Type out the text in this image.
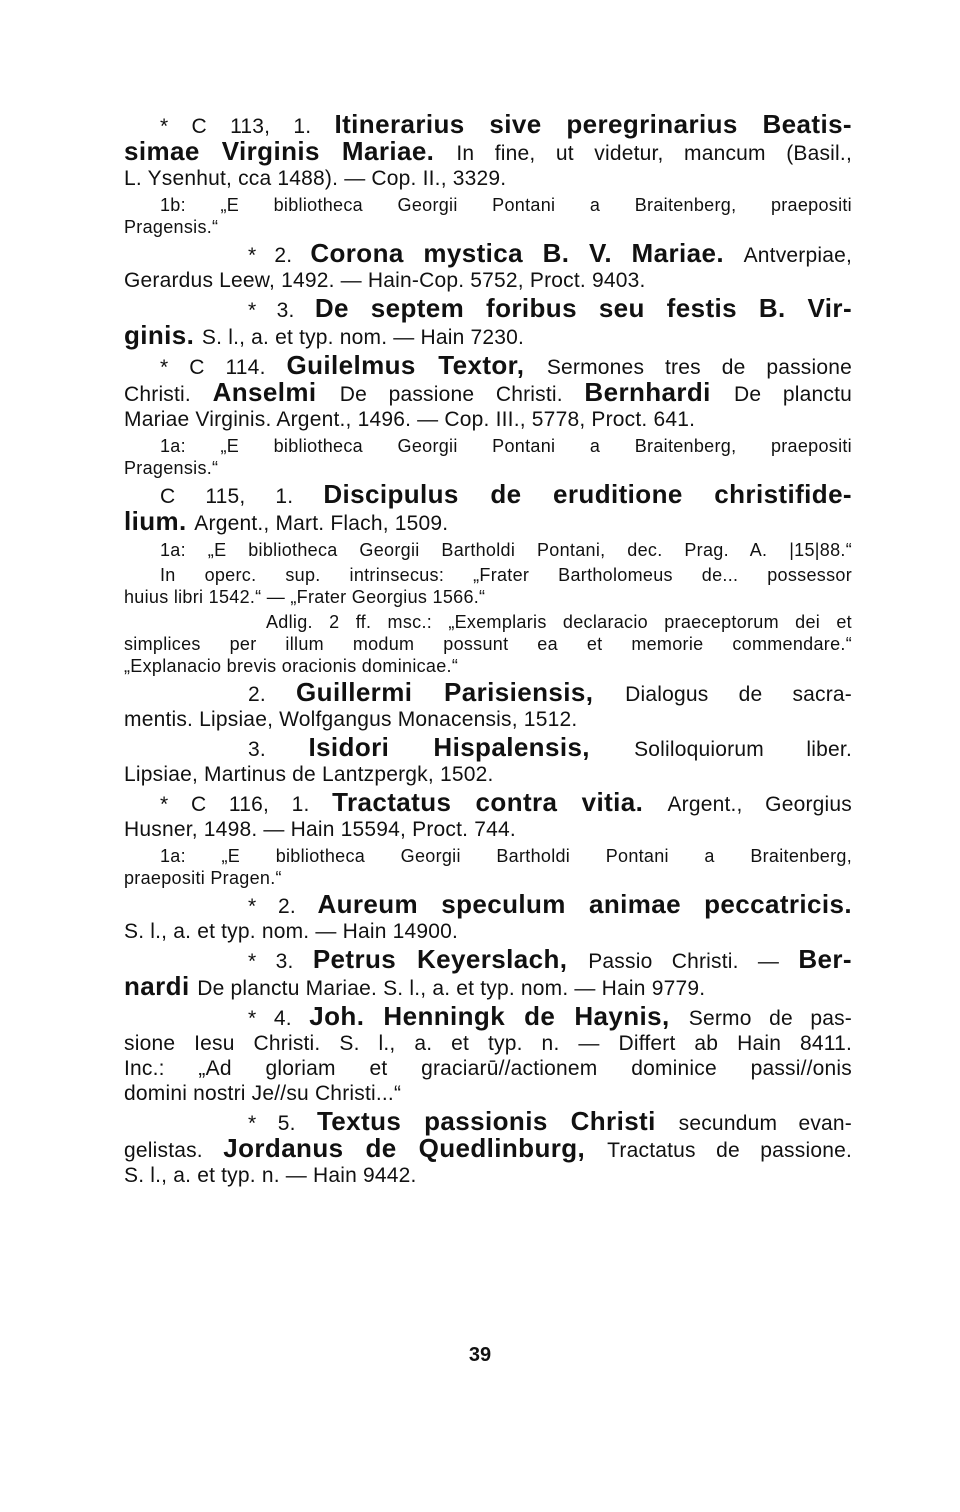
* C 113, 1. Itinerarius sive peregrinarius Beatis-
simae Virginis Mariae. In fine, ut videtur, mancum (Basil.,
L. Ysenhut, cca 1488). — Cop. II., 3329.
1b: „E bibliotheca Georgii Pontani a Braitenberg, praepositi
Pragensis.“
* 2. Corona mystica B. V. Mariae. Antverpiae,
Gerardus Leew, 1492. — Hain-Cop. 5752, Proct. 9403.
* 3. De septem foribus seu festis B. Vir-
ginis. S. l., a. et typ. nom. — Hain 7230.
* C 114. Guilelmus Textor, Sermones tres de passione
Christi. Anselmi De passione Christi. Bernhardi De planctu
Mariae Virginis. Argent., 1496. — Cop. III., 5778, Proct. 641.
1a: „E bibliotheca Georgii Pontani a Braitenberg, praepositi
Pragensis.“
C 115, 1. Discipulus de eruditione christifide-
lium. Argent., Mart. Flach, 1509.
1a: „E bibliotheca Georgii Bartholdi Pontani, dec. Prag. A. |15|88.“
In operc. sup. intrinsecus: „Frater Bartholomeus de... possessor
huius libri 1542.“ — „Frater Georgius 1566.“
Adlig. 2 ff. msc.: „Exemplaris declaracio praeceptorum dei et
simplices per illum modum possunt ea et memorie commendare.“
„Explanacio brevis oracionis dominicae.“
2. Guillermi Parisiensis, Dialogus de sacra-
mentis. Lipsiae, Wolfgangus Monacensis, 1512.
3. Isidori Hispalensis, Soliloquiorum liber.
Lipsiae, Martinus de Lantzpergk, 1502.
* C 116, 1. Tractatus contra vitia. Argent., Georgius
Husner, 1498. — Hain 15594, Proct. 744.
1a: „E bibliotheca Georgii Bartholdi Pontani a Braitenberg,
praepositi Pragen.“
* 2. Aureum speculum animae peccatricis.
S. l., a. et typ. nom. — Hain 14900.
* 3. Petrus Keyerslach, Passio Christi. — Ber-
nardi De planctu Mariae. S. l., a. et typ. nom. — Hain 9779.
* 4. Joh. Henningk de Haynis, Sermo de pas-
sione Iesu Christi. S. l., a. et typ. n. — Differt ab Hain 8411.
Inc.: „Ad gloriam et graciarū//actionem dominice passi//onis
domini nostri Je//su Christi...“
* 5. Textus passionis Christi secundum evan-
gelistas. Jordanus de Quedlinburg, Tractatus de passione.
S. l., a. et typ. n. — Hain 9442.
39
